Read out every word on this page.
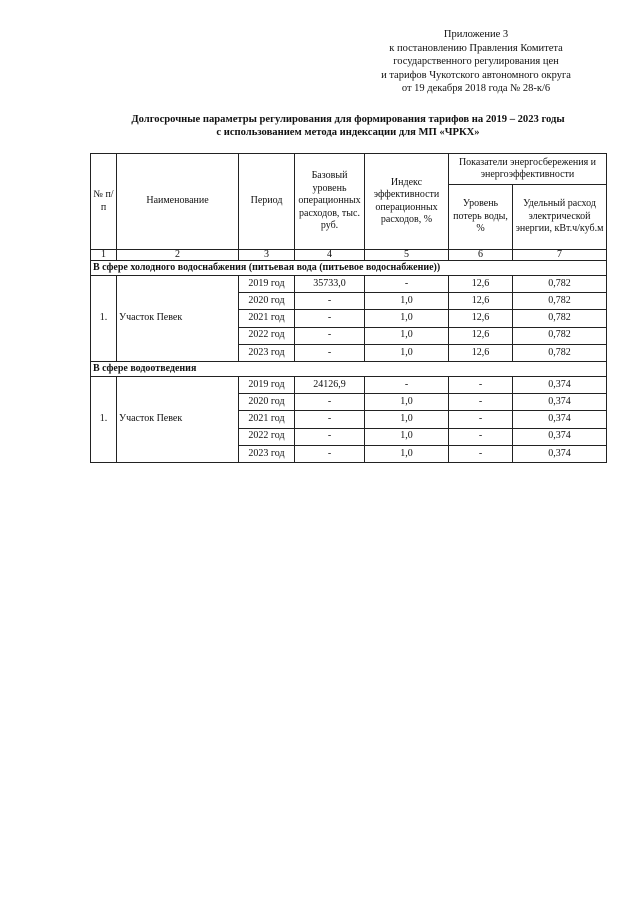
Приложение 3
к постановлению Правления Комитета
государственного регулирования цен
и тарифов Чукотского автономного округа
от 19 декабря 2018 года № 28-к/6
Долгосрочные параметры регулирования для формирования тарифов на 2019 – 2023 годы
с использованием метода индексации для МП «ЧРКХ»
№ п/п	Наименование	Период	Базовый уровень операционных расходов, тыс. руб.	Индекс эффективности операционных расходов, %	Показатели энергосбережения и энергоэффективности	
					Уровень потерь воды, %	Удельный расход электрической энергии, кВт.ч/куб.м
1	2	3	4	5	6	7
В сфере холодного водоснабжения (питьевая вода (питьевое водоснабжение))						
1.	Участок Певек	2019 год	35733,0	-	12,6	0,782
		2020 год	-	1,0	12,6	0,782
		2021 год	-	1,0	12,6	0,782
		2022 год	-	1,0	12,6	0,782
		2023 год	-	1,0	12,6	0,782
В сфере водоотведения						
1.	Участок Певек	2019 год	24126,9	-	-	0,374
		2020 год	-	1,0	-	0,374
		2021 год	-	1,0	-	0,374
		2022 год	-	1,0	-	0,374
		2023 год	-	1,0	-	0,374
